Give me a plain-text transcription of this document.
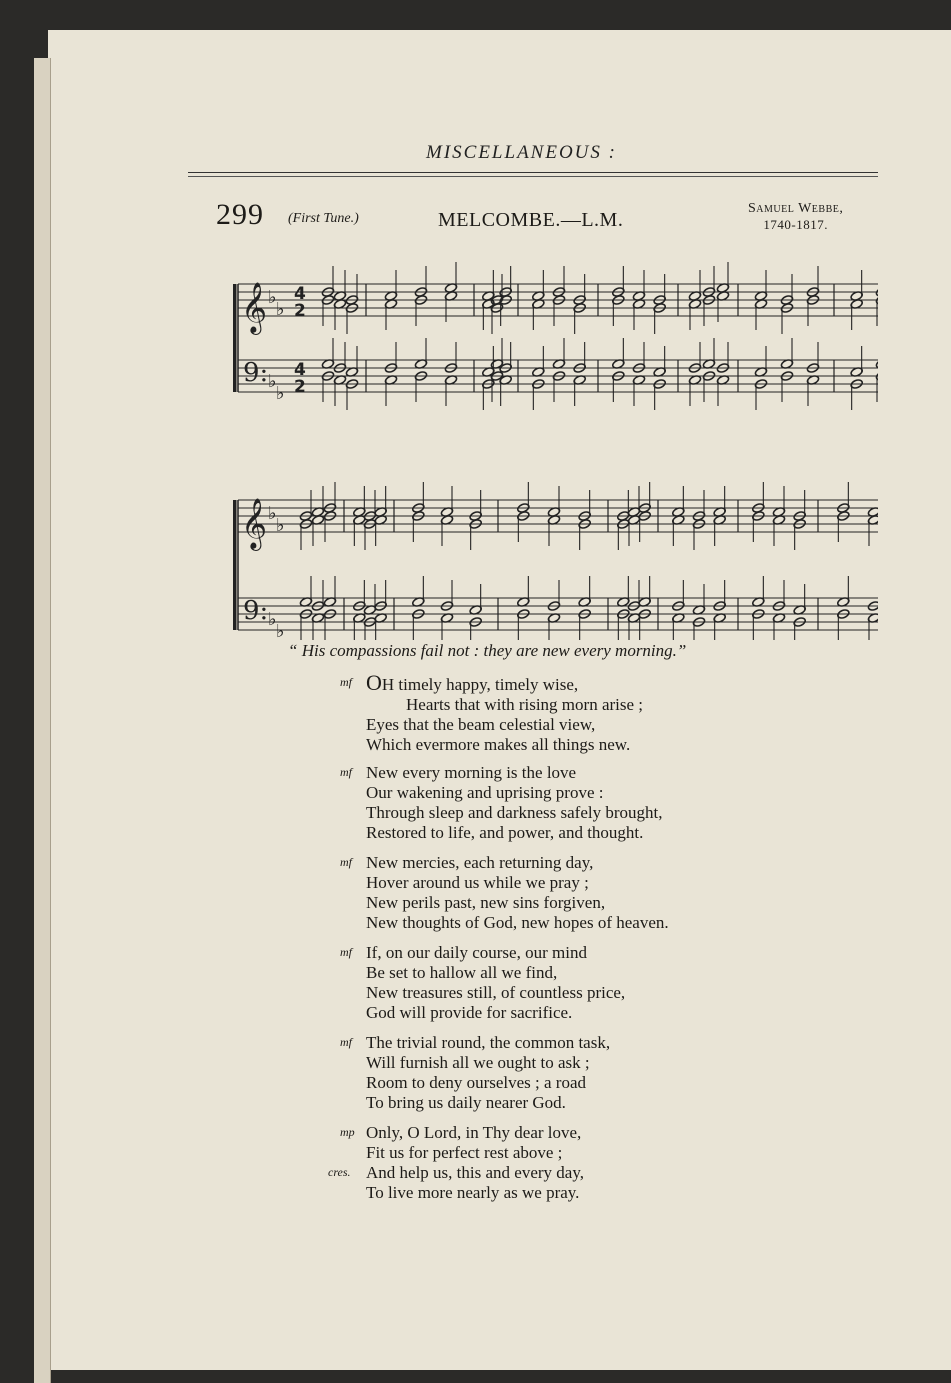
MISCELLANEOUS :
299 (First Tune.)	MELCOMBE.—L.M.
Samuel Webbe,
1740-1817.
𝄞
9:
♭
♭
♭
♭
4
2
4
2
𝄞
9:
♭
♭
♭
♭
“ His compassions fail not : they are new every morning.”
OH timely happy, timely wise,
Hearts that with rising morn arise ;
Eyes that the beam celestial view,
Which evermore makes all things new.
mf
New every morning is the love
Our wakening and uprising prove :
Through sleep and darkness safely brought,
Restored to life, and power, and thought.
mf
New mercies, each returning day,
Hover around us while we pray ;
New perils past, new sins forgiven,
New thoughts of God, new hopes of heaven.
mf
If, on our daily course, our mind
Be set to hallow all we find,
New treasures still, of countless price,
God will provide for sacrifice.
mf
The trivial round, the common task,
Will furnish all we ought to ask ;
Room to deny ourselves ; a road
To bring us daily nearer God.
mf
Only, O Lord, in Thy dear love,
Fit us for perfect rest above ;
And help us, this and every day,
To live more nearly as we pray.
mp
cres.
